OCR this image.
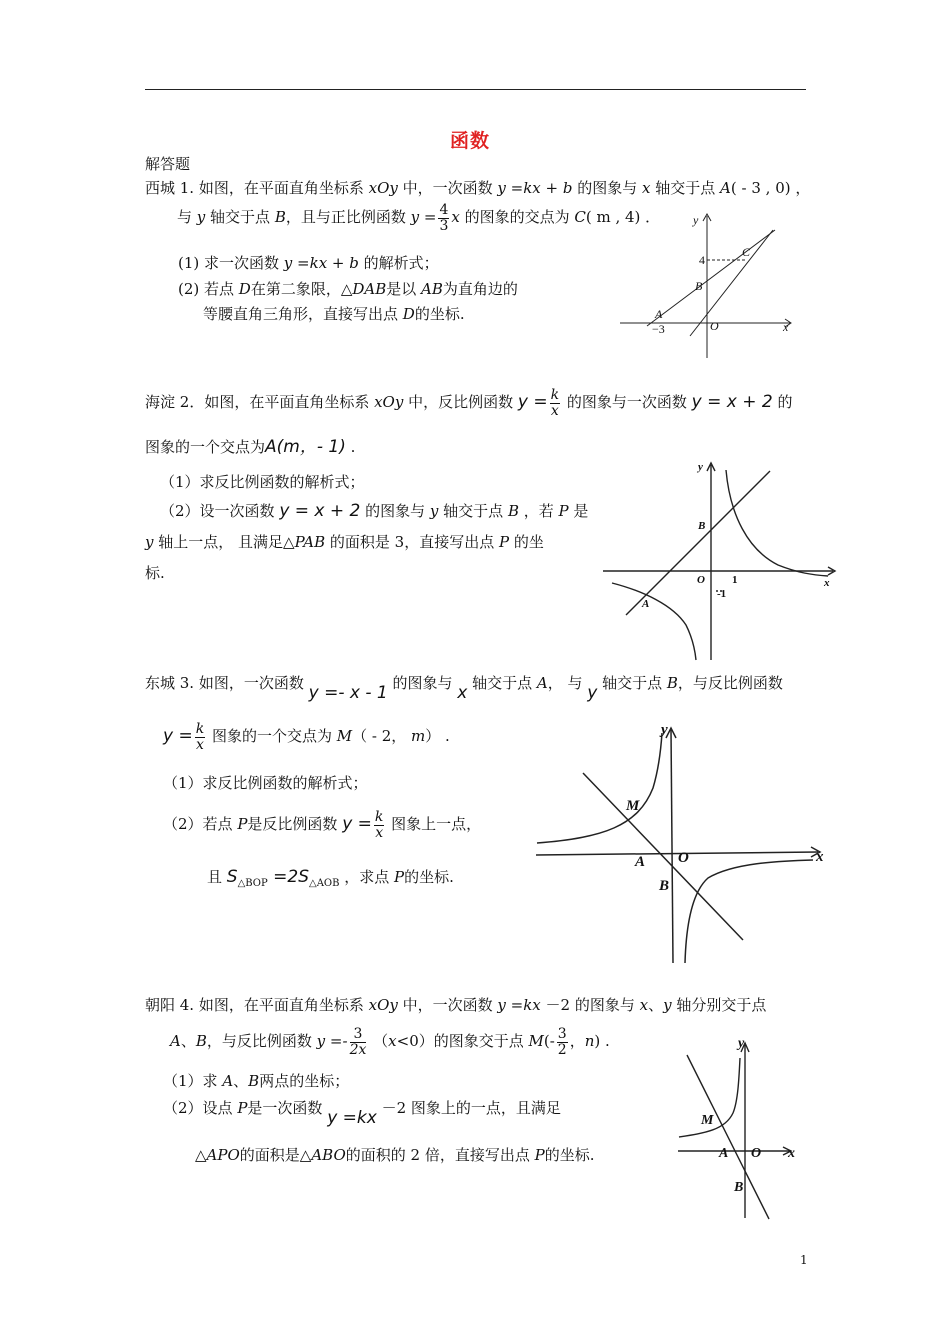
函数
解答题
西城 1. 如图，在平面直角坐标系 xOy 中，一次函数 y =kx + b 的图象与 x 轴交于点 A( - 3 , 0) ，
与 y 轴交于点 B，且与正比例函数 $y = \frac{4}{3}$ x 的图象的交点为 C( m , 4) ．
(1) 求一次函数 y =kx + b 的解析式；
(2) 若点 D在第二象限，△DAB是以 AB为直角边的
等腰直角三角形，直接写出点 D的坐标.
y
x
4
C
B
A
−3	O
海淀 2．如图，在平面直角坐标系 xOy 中，反比例函数 $y = \frac{k}{x}$ 的图象与一次函数 y = x + 2 的
图象的一个交点为A(m，- 1) .
（1）求反比例函数的解析式；
（2）设一次函数 y = x + 2 的图象与 y 轴交于点 B ，若 P 是
y 轴上一点， 且满足△PAB 的面积是 3，直接写出点 P 的坐
标.
y
x
B
O 1
-1
A
东城 3. 如图，一次函数 y =- x - 1 的图象与 x 轴交于点 A， 与 y 轴交于点 B，与反比例函数
$y = \frac{k}{x}$ 图象的一个交点为 M（ - 2， m） .
（1）求反比例函数的解析式；
（2）若点 P是反比例函数 $y = \frac{k}{x}$ 图象上一点，
且 $S_{\triangle BOP} =2S_{\triangle AOB}$ ，求点 P的坐标.
y
x
M
A O
B
朝阳 4. 如图，在平面直角坐标系 xOy 中，一次函数 y =kx －2 的图象与 x、y 轴分别交于点
A、B，与反比例函数 $y =- \frac{3}{2x} (x<0)$的图象交于点 $M(- \frac{3}{2}$ ，n) .
（1）求 A、B两点的坐标；
（2）设点 P是一次函数 y =kx －2 图象上的一点，且满足
△APO的面积是△ABO的面积的 2 倍，直接写出点 P的坐标.
y
x
M
A O
B
1
